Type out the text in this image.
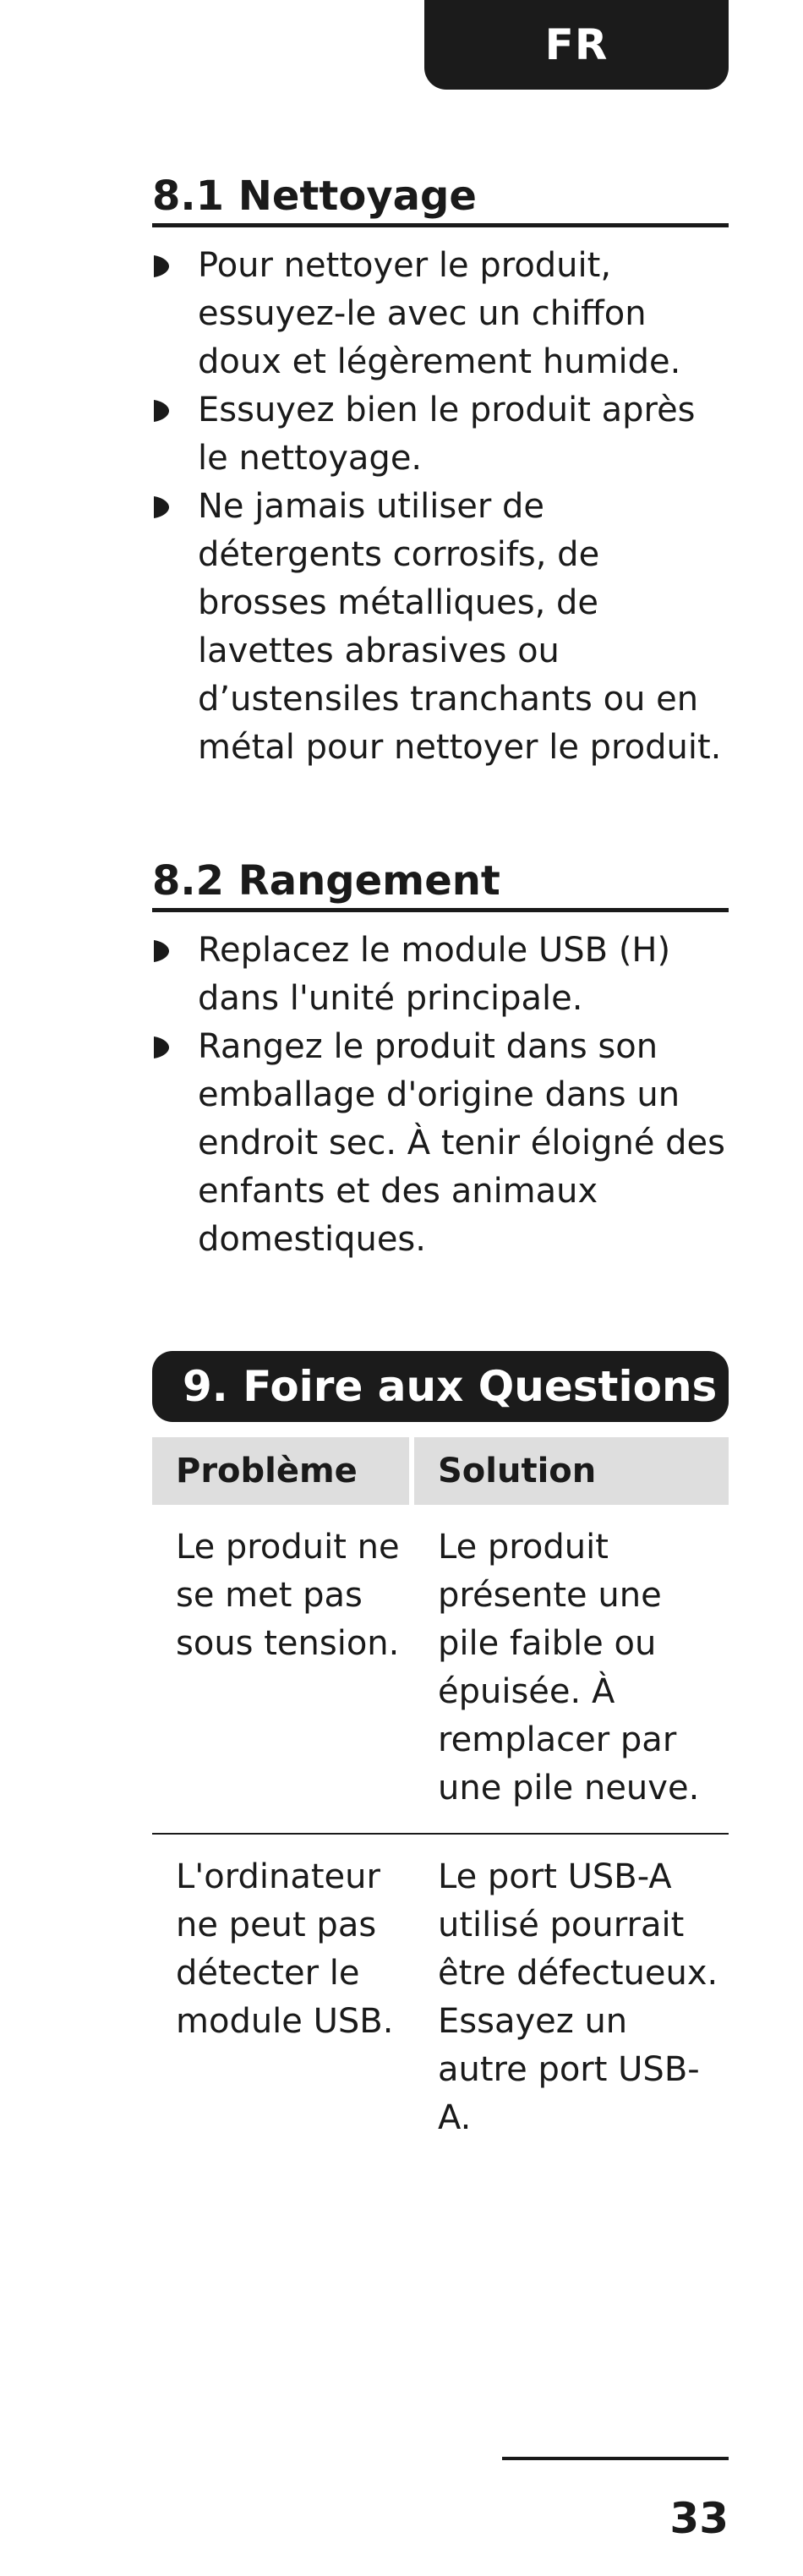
FR
8.1 Nettoyage
Pour nettoyer le produit, essuyez-le avec un chiffon doux et légèrement humide.
Essuyez bien le produit après le nettoyage.
Ne jamais utiliser de détergents corrosifs, de brosses métalliques, de lavettes abrasives ou d’ustensiles tranchants ou en métal pour nettoyer le produit.
8.2 Rangement
Replacez le module USB (H) dans l'unité principale.
Rangez le produit dans son emballage d'origine dans un endroit sec. À tenir éloigné des enfants et des animaux domestiques.
9. Foire aux Questions
Problème	Solution
Le produit ne se met pas sous tension.	Le produit présente une pile faible ou épuisée. À remplacer par une pile neuve.
L'ordinateur ne peut pas détecter le module USB.	Le port USB-A utilisé pourrait être défectueux. Essayez un autre port USB-A.
33
